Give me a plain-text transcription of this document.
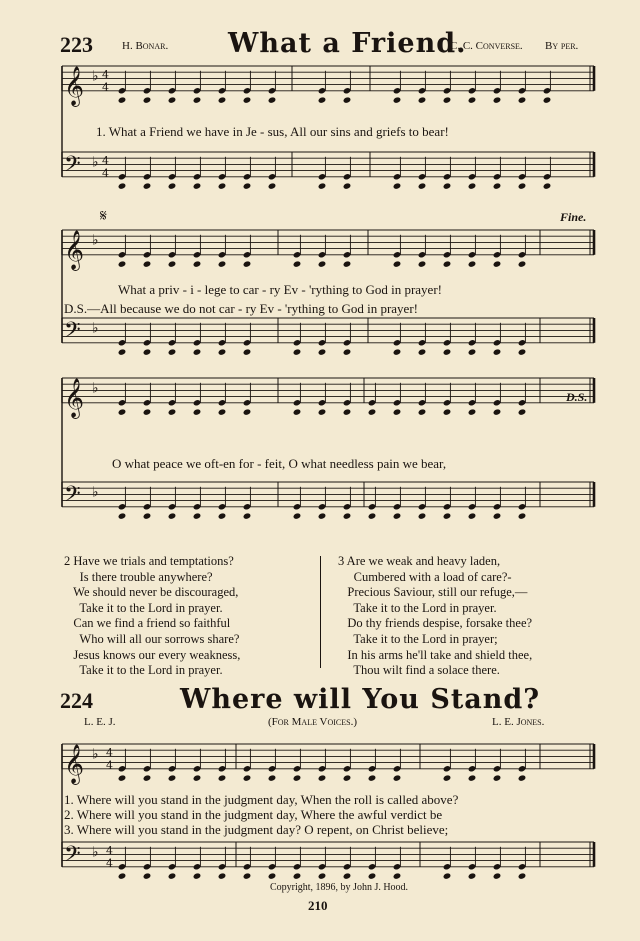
223	H. Bonar. What a Friend.
C. C. Converse. By per.
𝄞 ♭
𝄢 ♭
𝄞 ♭
𝄢 ♭
𝄞 ♭
𝄢 ♭
𝄞 ♭
𝄢 ♭
4
4
4
4
4
4
4
4
1. What a Friend we have in Je - sus, All our sins and griefs to bear!
𝄋	Fine.
What a priv - i - lege to car - ry Ev - 'rything to God in prayer!
D.S.—All because we do not car - ry Ev - 'rything to God in prayer!
D.S.
O what peace we oft-en for - feit, O what needless pain we bear,
2 Have we trials and temptations?
Is there trouble anywhere?
We should never be discouraged,
Take it to the Lord in prayer.
Can we find a friend so faithful
Who will all our sorrows share?
Jesus knows our every weakness,
Take it to the Lord in prayer.
3 Are we weak and heavy laden,
Cumbered with a load of care?-
Precious Saviour, still our refuge,—
Take it to the Lord in prayer.
Do thy friends despise, forsake thee?
Take it to the Lord in prayer;
In his arms he'll take and shield thee,
Thou wilt find a solace there.
224	Where will You Stand?
L. E. J.	(For Male Voices.)	L. E. Jones.
1. Where will you stand in the judgment day, When the roll is called above?
2. Where will you stand in the judgment day, Where the awful verdict be
3. Where will you stand in the judgment day? O repent, on Christ believe;
Copyright, 1896, by John J. Hood.
210
